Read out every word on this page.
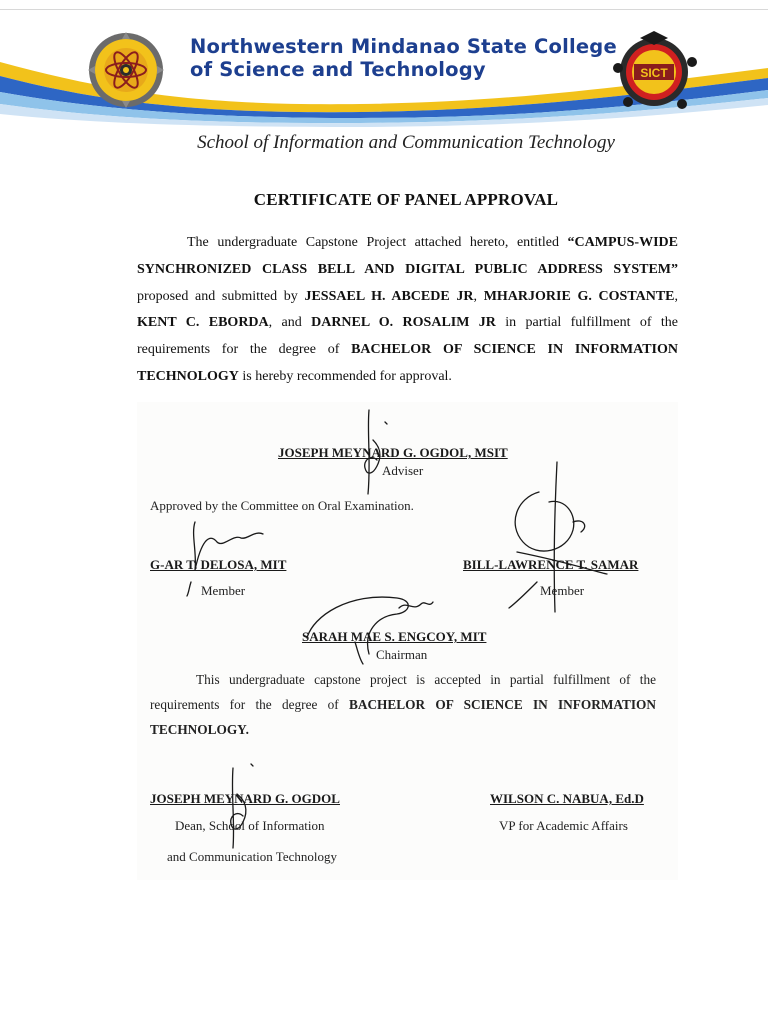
Northwestern Mindanao State College
of Science and Technology	SICT
School of Information and Communication Technology
CERTIFICATE OF PANEL APPROVAL

The undergraduate Capstone Project attached hereto, entitled “CAMPUS-WIDE SYNCHRONIZED CLASS BELL AND DIGITAL PUBLIC ADDRESS SYSTEM” proposed and submitted by JESSAEL H. ABCEDE JR, MHARJORIE G. COSTANTE, KENT C. EBORDA, and DARNEL O. ROSALIM JR in partial fulfillment of the requirements for the degree of BACHELOR OF SCIENCE IN INFORMATION TECHNOLOGY is hereby recommended for approval.

JOSEPH MEYNARD G. OGDOL, MSIT
Adviser
Approved by the Committee on Oral Examination.
G-AR T. DELOSA, MIT
Member
BILL-LAWRENCE T. SAMAR
Member
SARAH MAE S. ENGCOY, MIT
Chairman

This undergraduate capstone project is accepted in partial fulfillment of the requirements for the degree of BACHELOR OF SCIENCE IN INFORMATION TECHNOLOGY.

JOSEPH MEYNARD G. OGDOL
Dean, School of Information
and Communication Technology
WILSON C. NABUA, Ed.D
VP for Academic Affairs
